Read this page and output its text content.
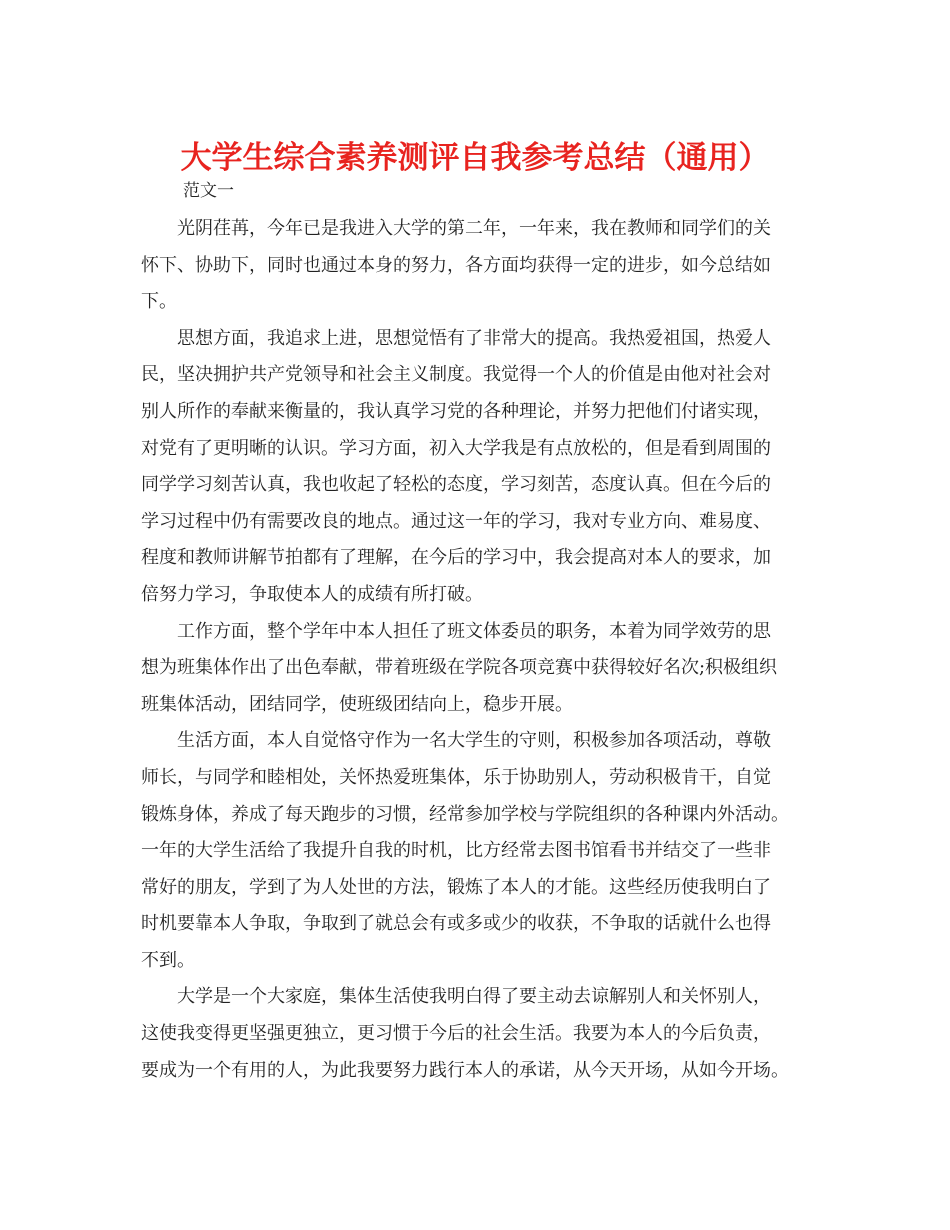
大学生综合素养测评自我参考总结（通用）

范文一

光阴荏苒，今年已是我进入大学的第二年，一年来，我在教师和同学们的关
怀下、协助下，同时也通过本身的努力，各方面均获得一定的进步，如今总结如
下。

思想方面，我追求上进，思想觉悟有了非常大的提高。我热爱祖国，热爱人
民，坚决拥护共产党领导和社会主义制度。我觉得一个人的价值是由他对社会对
别人所作的奉献来衡量的，我认真学习党的各种理论，并努力把他们付诸实现，
对党有了更明晰的认识。学习方面，初入大学我是有点放松的，但是看到周围的
同学学习刻苦认真，我也收起了轻松的态度，学习刻苦，态度认真。但在今后的
学习过程中仍有需要改良的地点。通过这一年的学习，我对专业方向、难易度、
程度和教师讲解节拍都有了理解，在今后的学习中，我会提高对本人的要求，加
倍努力学习，争取使本人的成绩有所打破。

工作方面，整个学年中本人担任了班文体委员的职务，本着为同学效劳的思
想为班集体作出了出色奉献，带着班级在学院各项竞赛中获得较好名次;积极组织
班集体活动，团结同学，使班级团结向上，稳步开展。

生活方面，本人自觉恪守作为一名大学生的守则，积极参加各项活动，尊敬
师长，与同学和睦相处，关怀热爱班集体，乐于协助别人，劳动积极肯干，自觉
锻炼身体，养成了每天跑步的习惯，经常参加学校与学院组织的各种课内外活动。
一年的大学生活给了我提升自我的时机，比方经常去图书馆看书并结交了一些非
常好的朋友，学到了为人处世的方法，锻炼了本人的才能。这些经历使我明白了
时机要靠本人争取，争取到了就总会有或多或少的收获，不争取的话就什么也得
不到。

大学是一个大家庭，集体生活使我明白得了要主动去谅解别人和关怀别人，
这使我变得更坚强更独立，更习惯于今后的社会生活。我要为本人的今后负责，
要成为一个有用的人，为此我要努力践行本人的承诺，从今天开场，从如今开场。
